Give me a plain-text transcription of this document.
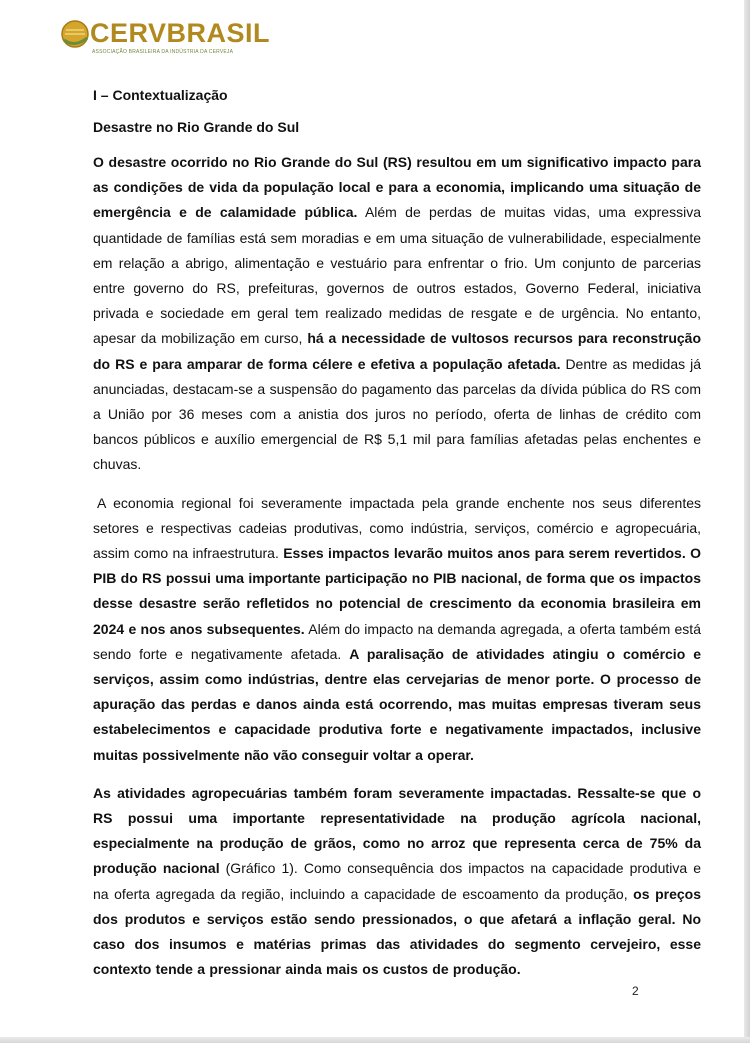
CERVBRASIL
ASSOCIAÇÃO BRASILEIRA DA INDÚSTRIA DA CERVEJA
I – Contextualização
Desastre no Rio Grande do Sul

O desastre ocorrido no Rio Grande do Sul (RS) resultou em um significativo impacto para as condições de vida da população local e para a economia, implicando uma situação de emergência e de calamidade pública. Além de perdas de muitas vidas, uma expressiva quantidade de famílias está sem moradias e em uma situação de vulnerabilidade, especialmente em relação a abrigo, alimentação e vestuário para enfrentar o frio. Um conjunto de parcerias entre governo do RS, prefeituras, governos de outros estados, Governo Federal, iniciativa privada e sociedade em geral tem realizado medidas de resgate e de urgência. No entanto, apesar da mobilização em curso, há a necessidade de vultosos recursos para reconstrução do RS e para amparar de forma célere e efetiva a população afetada. Dentre as medidas já anunciadas, destacam-se a suspensão do pagamento das parcelas da dívida pública do RS com a União por 36 meses com a anistia dos juros no período, oferta de linhas de crédito com bancos públicos e auxílio emergencial de R$ 5,1 mil para famílias afetadas pelas enchentes e chuvas.

A economia regional foi severamente impactada pela grande enchente nos seus diferentes setores e respectivas cadeias produtivas, como indústria, serviços, comércio e agropecuária, assim como na infraestrutura. Esses impactos levarão muitos anos para serem revertidos. O PIB do RS possui uma importante participação no PIB nacional, de forma que os impactos desse desastre serão refletidos no potencial de crescimento da economia brasileira em 2024 e nos anos subsequentes. Além do impacto na demanda agregada, a oferta também está sendo forte e negativamente afetada. A paralisação de atividades atingiu o comércio e serviços, assim como indústrias, dentre elas cervejarias de menor porte. O processo de apuração das perdas e danos ainda está ocorrendo, mas muitas empresas tiveram seus estabelecimentos e capacidade produtiva forte e negativamente impactados, inclusive muitas possivelmente não vão conseguir voltar a operar.

As atividades agropecuárias também foram severamente impactadas. Ressalte-se que o RS possui uma importante representatividade na produção agrícola nacional, especialmente na produção de grãos, como no arroz que representa cerca de 75% da produção nacional (Gráfico 1). Como consequência dos impactos na capacidade produtiva e na oferta agregada da região, incluindo a capacidade de escoamento da produção, os preços dos produtos e serviços estão sendo pressionados, o que afetará a inflação geral. No caso dos insumos e matérias primas das atividades do segmento cervejeiro, esse contexto tende a pressionar ainda mais os custos de produção.

2
